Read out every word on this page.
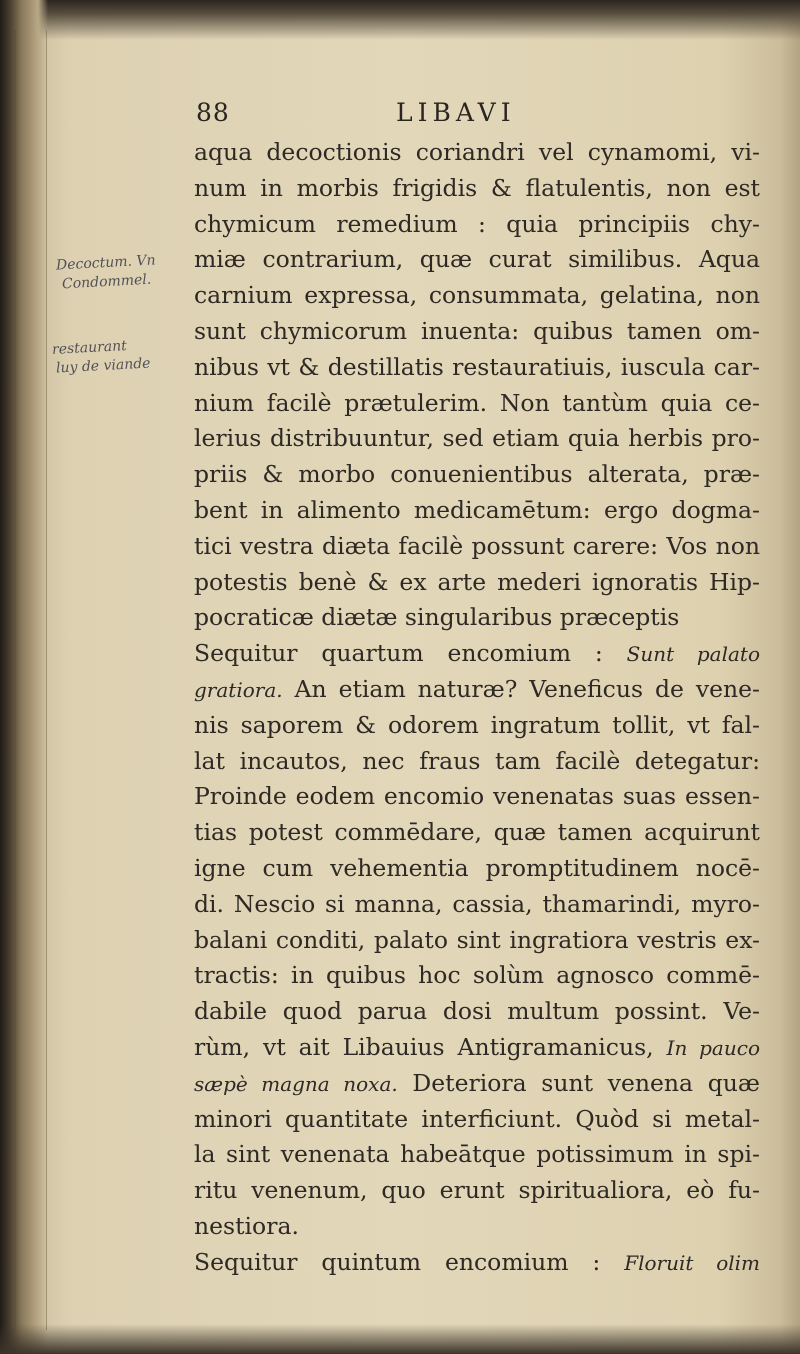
88	LIBAVI
Decoctum. Vn
Condommel.
restaurant
luy de viande
aqua decoctionis coriandri vel cynamomi, vi-
num in morbis frigidis & flatulentis, non est
chymicum remedium : quia principiis chy-
miæ contrarium, quæ curat similibus. Aqua
carnium expressa, consummata, gelatina, non
sunt chymicorum inuenta: quibus tamen om-
nibus vt & destillatis restauratiuis, iuscula car-
nium facilè prætulerim. Non tantùm quia ce-
lerius distribuuntur, sed etiam quia herbis pro-
priis & morbo conuenientibus alterata, præ-
bent in alimento medicamētum: ergo dogma-
tici vestra diæta facilè possunt carere: Vos non
potestis benè & ex arte mederi ignoratis Hip-
pocraticæ diætæ singularibus præceptis
Sequitur quartum encomium : Sunt palato
gratiora. An etiam naturæ? Veneficus de vene-
nis saporem & odorem ingratum tollit, vt fal-
lat incautos, nec fraus tam facilè detegatur:
Proinde eodem encomio venenatas suas essen-
tias potest commēdare, quæ tamen acquirunt
igne cum vehementia promptitudinem nocē-
di. Nescio si manna, cassia, thamarindi, myro-
balani conditi, palato sint ingratiora vestris ex-
tractis: in quibus hoc solùm agnosco commē-
dabile quod parua dosi multum possint. Ve-
rùm, vt ait Libauius Antigramanicus, In pauco
sæpè magna noxa. Deteriora sunt venena quæ
minori quantitate interficiunt. Quòd si metal-
la sint venenata habeātque potissimum in spi-
ritu venenum, quo erunt spiritualiora, eò fu-
nestiora.
Sequitur quintum encomium : Floruit olim
